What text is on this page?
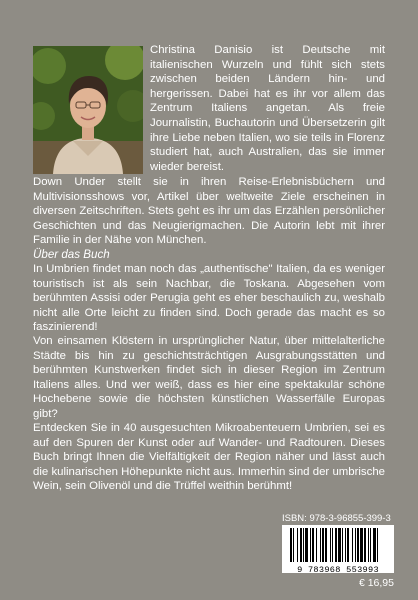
Christina Danisio ist Deutsche mit italienischen Wurzeln und fühlt sich stets zwischen beiden Ländern hin- und hergerissen. Dabei hat es ihr vor allem das Zentrum Italiens angetan. Als freie Journalistin, Buchautorin und Übersetzerin gilt ihre Liebe neben Italien, wo sie teils in Florenz studiert hat, auch Australien, das sie immer wieder bereist.
Down Under stellt sie in ihren Reise-Erlebnisbüchern und Multivisionsshows vor, Artikel über weltweite Ziele erscheinen in diversen Zeitschriften. Stets geht es ihr um das Erzählen persönlicher Geschichten und das Neugierigmachen. Die Autorin lebt mit ihrer Familie in der Nähe von München.
Über das Buch
In Umbrien findet man noch das „authentische" Italien, da es weniger touristisch ist als sein Nachbar, die Toskana. Abgesehen vom berühmten Assisi oder Perugia geht es eher beschaulich zu, weshalb nicht alle Orte leicht zu finden sind. Doch gerade das macht es so faszinierend!
Von einsamen Klöstern in ursprünglicher Natur, über mittelalterliche Städte bis hin zu geschichtsträchtigen Ausgrabungsstätten und berühmten Kunstwerken findet sich in dieser Region im Zentrum Italiens alles. Und wer weiß, dass es hier eine spektakulär schöne Hochebene sowie die höchsten künstlichen Wasserfälle Europas gibt?
Entdecken Sie in 40 ausgesuchten Mikroabenteuern Umbrien, sei es auf den Spuren der Kunst oder auf Wander- und Radtouren. Dieses Buch bringt Ihnen die Vielfältigkeit der Region näher und lässt auch die kulinarischen Höhepunkte nicht aus. Immerhin sind der umbrische Wein, sein Olivenöl und die Trüffel weithin berühmt!
ISBN: 978-3-96855-399-3
9 783968 553993
€ 16,95
